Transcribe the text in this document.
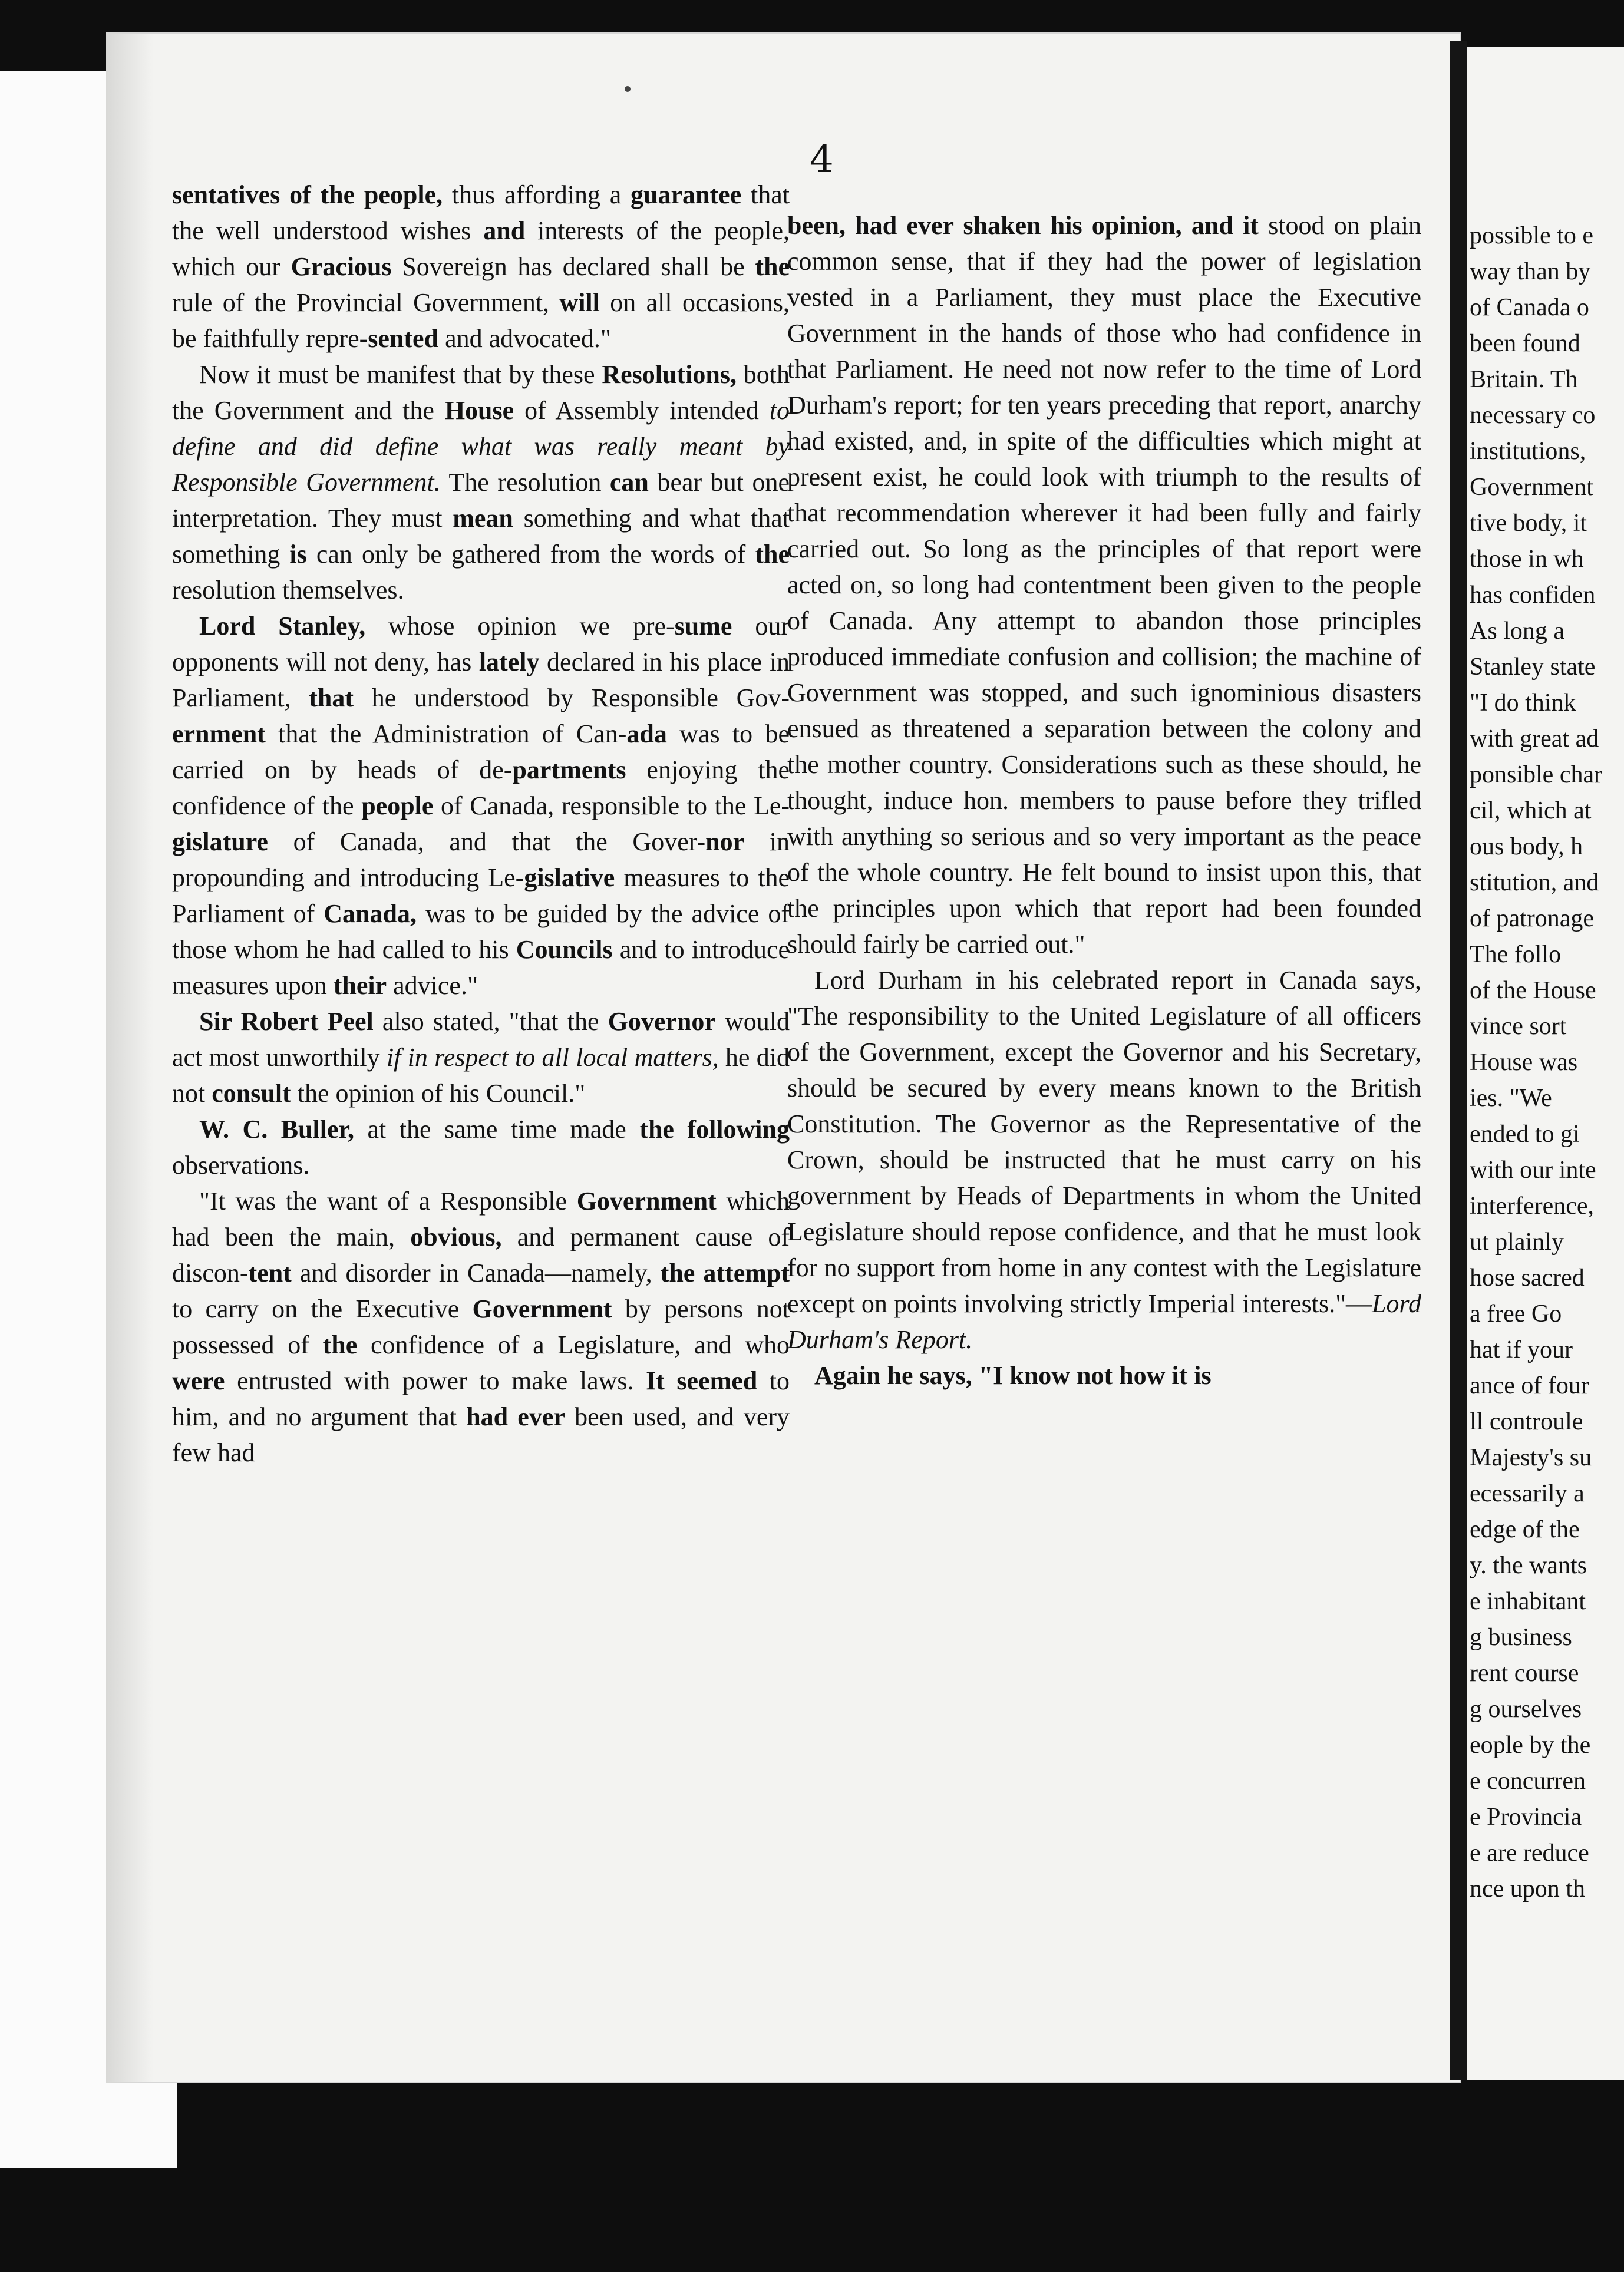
4

sentatives of the people, thus affording a guarantee that the well understood wishes and interests of the people, which our Gracious Sovereign has declared shall be the rule of the Provincial Government, will on all occasions, be faithfully repre-sented and advocated."

Now it must be manifest that by these Resolutions, both the Government and the House of Assembly intended to define and did define what was really meant by Responsible Government. The resolution can bear but one interpretation. They must mean something and what that something is can only be gathered from the words of the resolution themselves.

Lord Stanley, whose opinion we pre-sume our opponents will not deny, has lately declared in his place in Parliament, that he understood by Responsible Gov-ernment that the Administration of Can-ada was to be carried on by heads of de-partments enjoying the confidence of the people of Canada, responsible to the Le-gislature of Canada, and that the Gover-nor in propounding and introducing Le-gislative measures to the Parliament of Canada, was to be guided by the advice of those whom he had called to his Councils and to introduce measures upon their advice."

Sir Robert Peel also stated, "that the Governor would act most unworthily if in respect to all local matters, he did not consult the opinion of his Council."

W. C. Buller, at the same time made the following observations.

"It was the want of a Responsible Government which had been the main, obvious, and permanent cause of discon-tent and disorder in Canada—namely, the attempt to carry on the Executive Government by persons not possessed of the confidence of a Legislature, and who were entrusted with power to make laws. It seemed to him, and no argument that had ever been used, and very few had

been, had ever shaken his opinion, and it stood on plain common sense, that if they had the power of legislation vested in a Parliament, they must place the Executive Government in the hands of those who had confidence in that Parliament. He need not now refer to the time of Lord Durham's report; for ten years preceding that report, anarchy had existed, and, in spite of the difficulties which might at present exist, he could look with triumph to the results of that recommendation wherever it had been fully and fairly carried out. So long as the principles of that report were acted on, so long had contentment been given to the people of Canada. Any attempt to abandon those principles produced immediate confusion and collision; the machine of Government was stopped, and such ignominious disasters ensued as threatened a separation between the colony and the mother country. Considerations such as these should, he thought, induce hon. members to pause before they trifled with anything so serious and so very important as the peace of the whole country. He felt bound to insist upon this, that the principles upon which that report had been founded should fairly be carried out."

Lord Durham in his celebrated report in Canada says, "The responsibility to the United Legislature of all officers of the Government, except the Governor and his Secretary, should be secured by every means known to the British Constitution. The Governor as the Representative of the Crown, should be instructed that he must carry on his government by Heads of Departments in whom the United Legislature should repose confidence, and that he must look for no support from home in any contest with the Legislature except on points involving strictly Imperial interests."—Lord Durham's Report.

Again he says, "I know not how it is

possible to e
way than by
of Canada o
been found
Britain. Th
necessary co
institutions,
Government
tive body, it
those in wh
has confiden
As long a
Stanley state
"I do think
with great ad
ponsible char
cil, which at
ous body, h
stitution, and
of patronage
The follo
of the House
vince sort
House was
ies. "We
ended to gi
with our inte
interference,
ut plainly
hose sacred
a free Go
hat if your
ance of four
ll controule
Majesty's su
ecessarily a
edge of the
y. the wants
e inhabitant
g business
rent course
g ourselves
eople by the
e concurren
e Provincia
e are reduce
nce upon th
